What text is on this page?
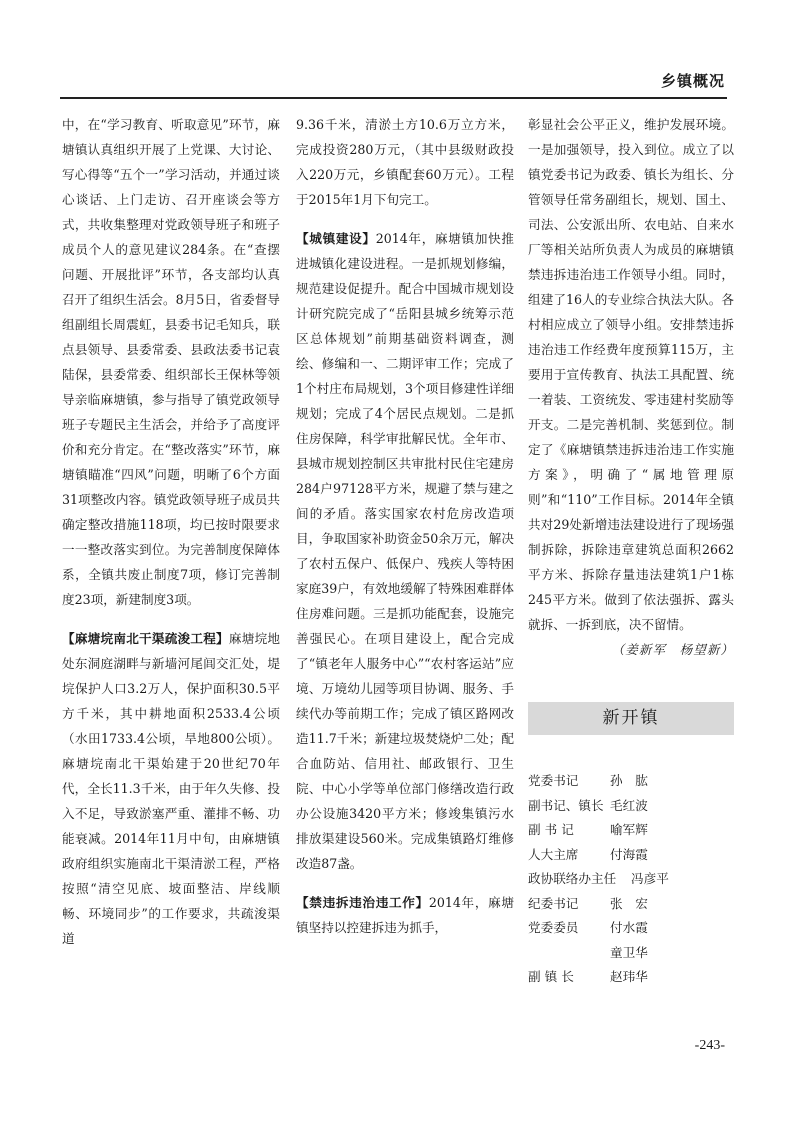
乡镇概况

中，在“学习教育、听取意见”环节，麻塘镇认真组织开展了上党课、大讨论、写心得等“五个一”学习活动，并通过谈心谈话、上门走访、召开座谈会等方式，共收集整理对党政领导班子和班子成员个人的意见建议284条。在“查摆问题、开展批评”环节，各支部均认真召开了组织生活会。8月5日，省委督导组副组长周震虹，县委书记毛知兵，联点县领导、县委常委、县政法委书记袁陆保，县委常委、组织部长王保林等领导亲临麻塘镇，参与指导了镇党政领导班子专题民主生活会，并给予了高度评价和充分肯定。在“整改落实”环节，麻塘镇瞄准“四风”问题，明晰了6个方面31项整改内容。镇党政领导班子成员共确定整改措施118项，均已按时限要求一一整改落实到位。为完善制度保障体系，全镇共废止制度7项，修订完善制度23项，新建制度3项。

【麻塘垸南北干渠疏浚工程】麻塘垸地处东洞庭湖畔与新墙河尾闾交汇处，堤垸保护人口3.2万人，保护面积30.5平方千米，其中耕地面积2533.4公顷（水田1733.4公顷，旱地800公顷）。麻塘垸南北干渠始建于20世纪70年代，全长11.3千米，由于年久失修、投入不足，导致淤塞严重、灌排不畅、功能衰减。2014年11月中旬，由麻塘镇政府组织实施南北干渠清淤工程，严格按照“清空见底、坡面整洁、岸线顺畅、环境同步”的工作要求，共疏浚渠道

9.36千米，清淤土方10.6万立方米，完成投资280万元，（其中县级财政投入220万元，乡镇配套60万元）。工程于2015年1月下旬完工。

【城镇建设】2014年，麻塘镇加快推进城镇化建设进程。一是抓规划修编，规范建设促提升。配合中国城市规划设计研究院完成了“岳阳县城乡统筹示范区总体规划”前期基础资料调查，测绘、修编和一、二期评审工作；完成了1个村庄布局规划，3个项目修建性详细规划；完成了4个居民点规划。二是抓住房保障，科学审批解民忧。全年市、县城市规划控制区共审批村民住宅建房284户97128平方米，规避了禁与建之间的矛盾。落实国家农村危房改造项目，争取国家补助资金50余万元，解决了农村五保户、低保户、残疾人等特困家庭39户，有效地缓解了特殊困难群体住房难问题。三是抓功能配套，设施完善强民心。在项目建设上，配合完成了“镇老年人服务中心”“农村客运站”应境、万境幼儿园等项目协调、服务、手续代办等前期工作；完成了镇区路网改造11.7千米；新建垃圾焚烧炉二处；配合血防站、信用社、邮政银行、卫生院、中心小学等单位部门修缮改造行政办公设施3420平方米；修竣集镇污水排放渠建设560米。完成集镇路灯维修改造87盏。

【禁违拆违治违工作】2014年，麻塘镇坚持以控建拆违为抓手，

彰显社会公平正义，维护发展环境。一是加强领导，投入到位。成立了以镇党委书记为政委、镇长为组长、分管领导任常务副组长，规划、国土、司法、公安派出所、农电站、自来水厂等相关站所负责人为成员的麻塘镇禁违拆违治违工作领导小组。同时，组建了16人的专业综合执法大队。各村相应成立了领导小组。安排禁违拆违治违工作经费年度预算115万，主要用于宣传教育、执法工具配置、统一着装、工资统发、零违建村奖励等开支。二是完善机制、奖惩到位。制定了《麻塘镇禁违拆违治违工作实施方案》，明确了“属地管理原则”和“110”工作目标。2014年全镇共对29处新增违法建设进行了现场强制拆除，拆除违章建筑总面积2662平方米、拆除存量违法建筑1户1栋245平方米。做到了依法强拆、露头就拆、一拆到底，决不留情。

（姜新军　杨望新）
新开镇
党委书记	孙　肱
副书记、镇长 毛红波
副 书 记	喻军辉
人大主席	付海霞
政协联络办主任	冯彦平
纪委书记	张　宏
党委委员	付水霞
童卫华
副 镇 长	赵玮华
-243-
